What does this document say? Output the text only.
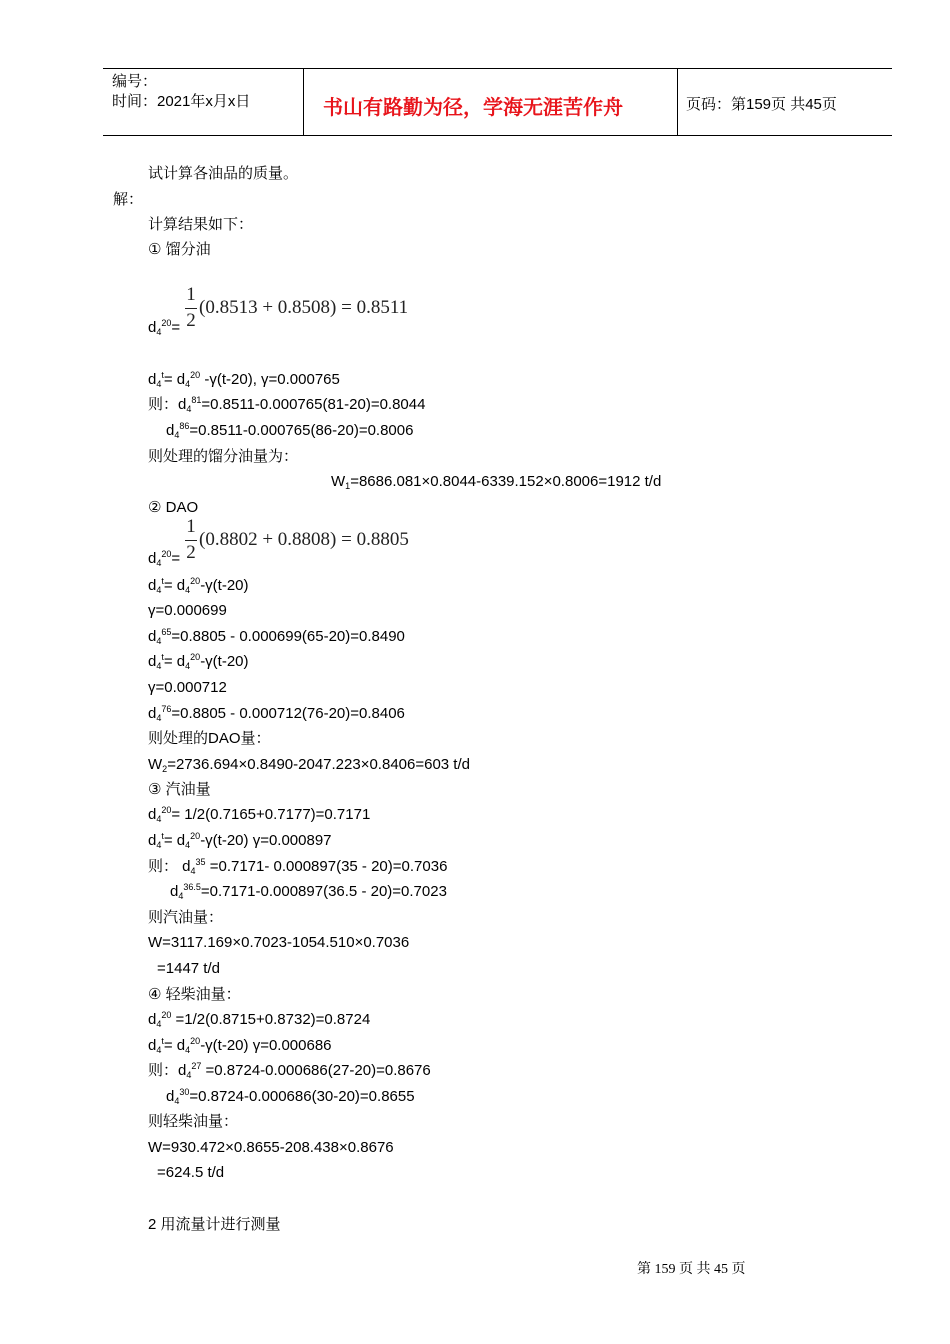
编号：
时间：2021年x月x日	书山有路勤为径，学海无涯苦作舟	页码：第159页 共45页
试计算各油品的质量。
解：
计算结果如下：
① 馏分油
1
2
(0.8513 + 0.8508) = 0.8511
$d_4^{20}=$
$d_4^t= d_4^{20}$ -γ(t-20), γ=0.000765
则：$d_4^{81}=0.8511-0.000765(81-20)=0.8044$
$d_4^{86}=0.8511-0.000765(86-20)=0.8006$
则处理的馏分油量为：
$W_1=8686.081\times 0.8044-6339.152\times 0.8006=1912$ t/d
② DAO
1
2
(0.8802 + 0.8808) = 0.8805
$d_4^{20}=$
$d_4^t= d_4^{20}-\gamma(t-20)$
γ=0.000699
$d_4^{65}=0.8805 - 0.000699(65-20)=0.8490$
$d_4^t= d_4^{20}-\gamma(t-20)$
γ=0.000712
$d_4^{76}=0.8805 - 0.000712(76-20)=0.8406$
则处理的DAO量：
$W_2=2736.694\times 0.8490-2047.223\times 0.8406=603$ t/d
③ 汽油量
$d_4^{20}= 1/2(0.7165+0.7177)=0.7171$
$d_4^t= d_4^{20}-\gamma(t-20)$ γ=0.000897
则： $d_4^{35} =0.7171-$ 0.000897(35 - 20)=0.7036
$d_4^{36.5}=0.7171-0.000897(36.5 - 20)=0.7023$
则汽油量：
W=3117.169×0.7023-1054.510×0.7036
=1447 t/d
④ 轻柴油量：
$d_4^{20} =1/2(0.8715+0.8732)=0.8724$
$d_4^t= d_4^{20}-\gamma(t-20)$ γ=0.000686
则：$d_4^{27} =0.8724-0.000686(27-20)=0.8676$
$d_4^{30}=0.8724-0.000686(30-20)=0.8655$
则轻柴油量：
W=930.472×0.8655-208.438×0.8676
=624.5 t/d
2 用流量计进行测量
第 159 页 共 45 页
